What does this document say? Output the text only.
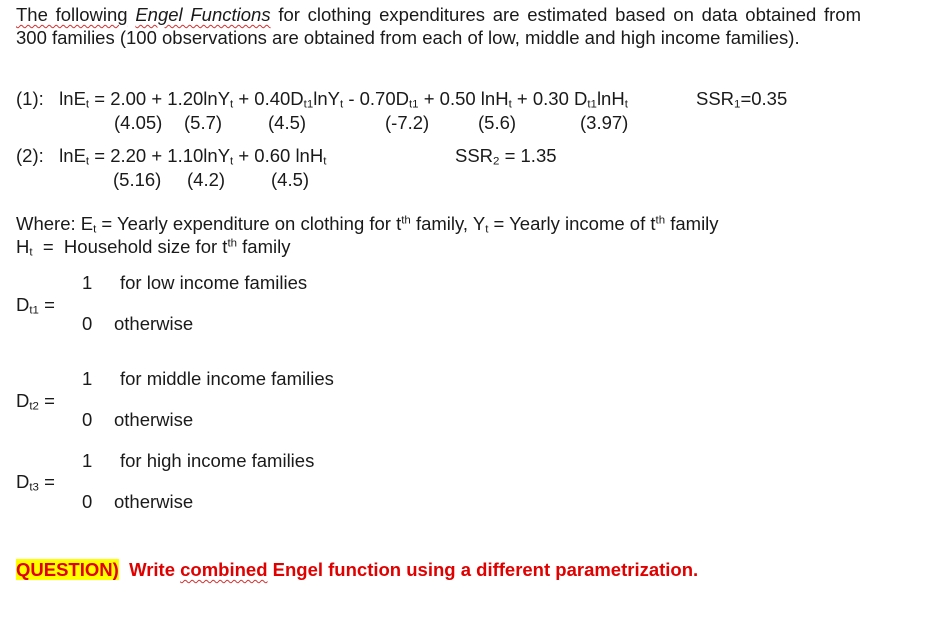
The following Engel Functions for clothing expenditures are estimated based on data obtained from 300 families (100 observations are obtained from each of low, middle and high income families).
(1): $\ln E_t = 2.00 + 1.20\ln Y_t + 0.40D_{t1}\ln Y_t - 0.70D_{t1} + 0.50$ lnH$_t$ + 0.30 $D_{t1}\ln H_t$	$SSR_1=0.35$
(4.05) (5.7) (4.5)	(-7.2)	(5.6)	(3.97)
(2): lnE$_t$ = 2.20 + 1.10lnY$_t$ + 0.60 lnH$_t$	$SSR_2 = 1.35$
(5.16) (4.2) (4.5)
Where: $E_t$ = Yearly expenditure on clothing for $t^{th}$ family, $Y_t$ = Yearly income of $t^{th}$ family
$H_t$  =  Household size for $t^{th}$ family
$D_{t1}$ =
1 for low income families
0 otherwise
$D_{t2}$ =
1 for middle income families
0 otherwise
$D_{t3}$ =
1 for high income families
0 otherwise
QUESTION) Write combined Engel function using a different parametrization.
